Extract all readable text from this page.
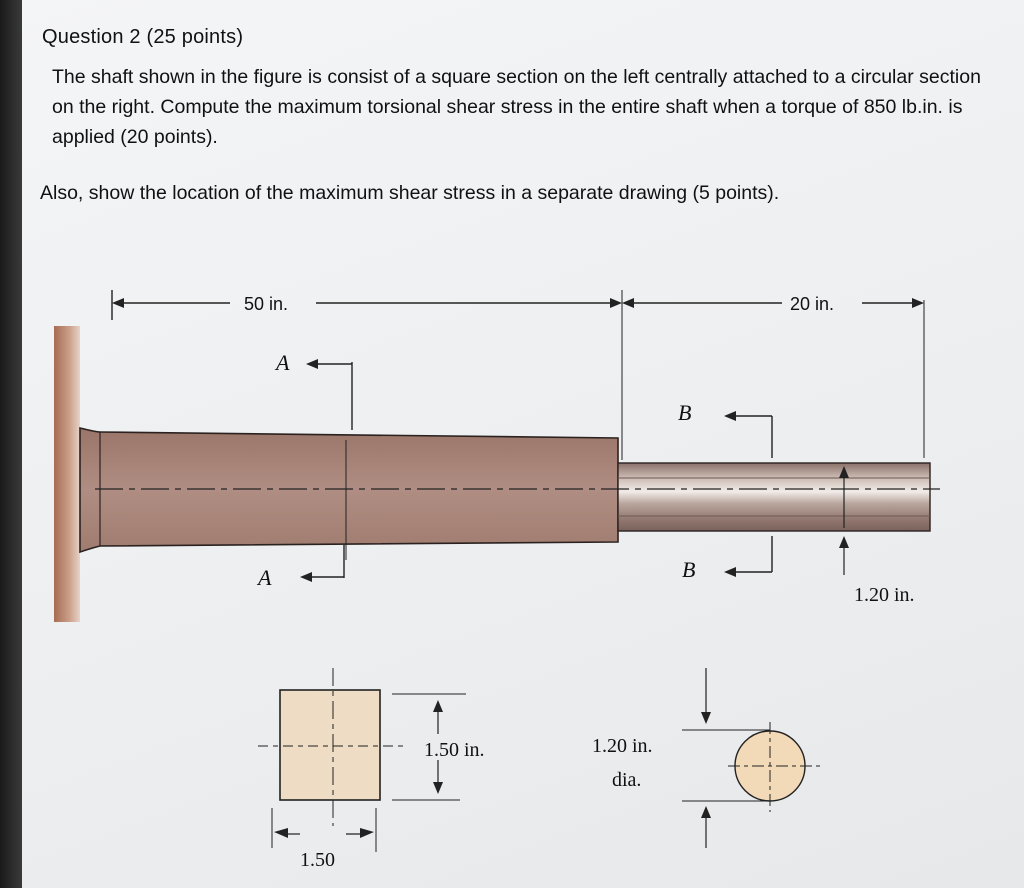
Question 2 (25 points)
The shaft shown in the figure is consist of a square section on the left centrally attached to a circular section on the right. Compute the maximum torsional shear stress in the entire shaft when a torque of 850 lb.in. is applied (20 points).
Also, show the location of the maximum shear stress in a separate drawing (5 points).
A
A
B
B
50 in.	20 in.
1.20 in.
1.50 in.
1.50
1.20 in.
dia.
